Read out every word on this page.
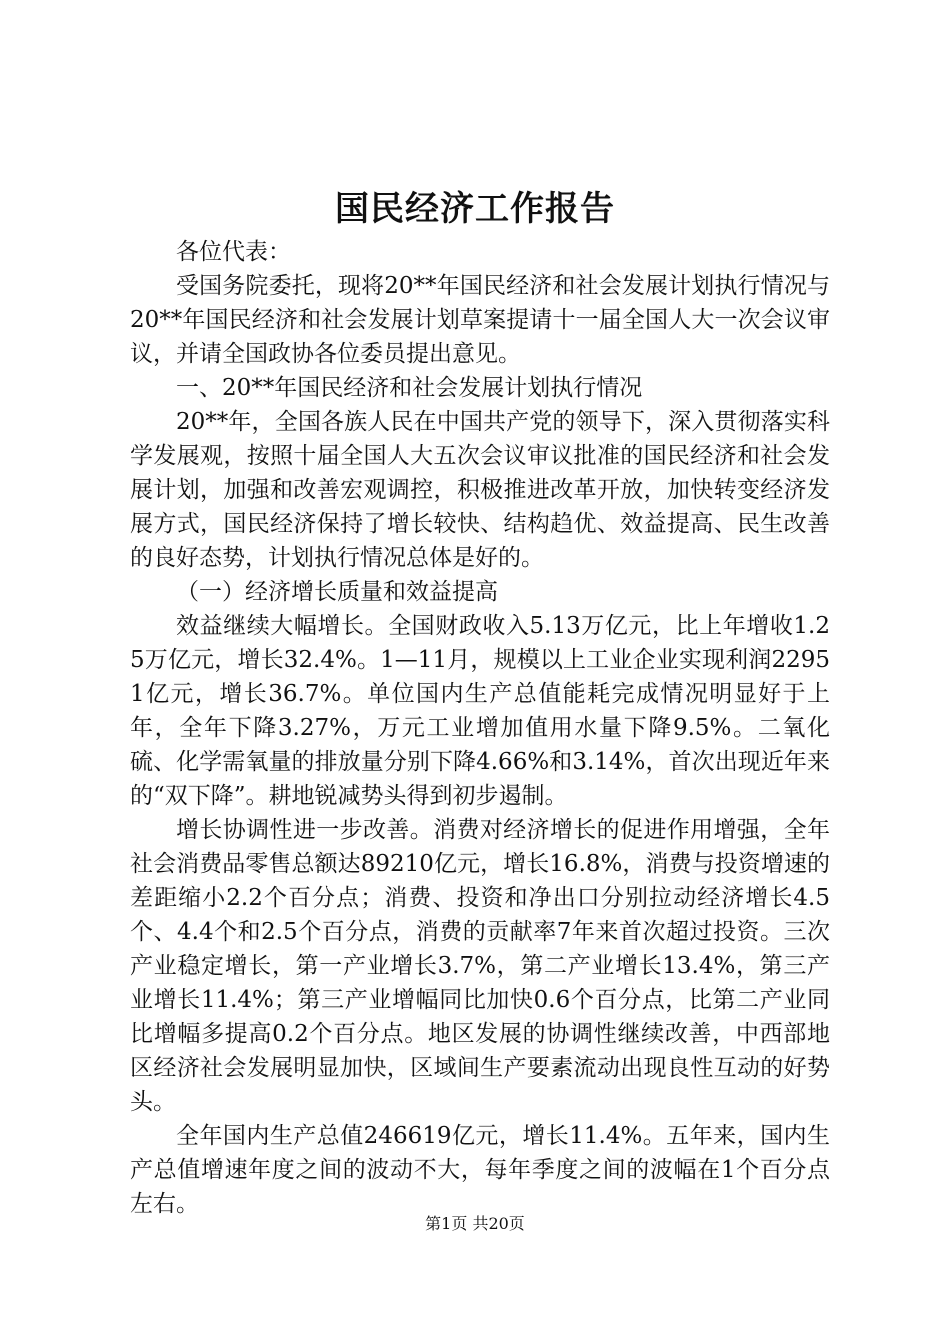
国民经济工作报告

各位代表：

受国务院委托，现将20**年国民经济和社会发展计划执行情况与20**年国民经济和社会发展计划草案提请十一届全国人大一次会议审议，并请全国政协各位委员提出意见。

一、20**年国民经济和社会发展计划执行情况

20**年，全国各族人民在中国共产党的领导下，深入贯彻落实科学发展观，按照十届全国人大五次会议审议批准的国民经济和社会发展计划，加强和改善宏观调控，积极推进改革开放，加快转变经济发展方式，国民经济保持了增长较快、结构趋优、效益提高、民生改善的良好态势，计划执行情况总体是好的。

（一）经济增长质量和效益提高

效益继续大幅增长。全国财政收入5.13万亿元，比上年增收1.25万亿元，增长32.4%。1—11月，规模以上工业企业实现利润22951亿元，增长36.7%。单位国内生产总值能耗完成情况明显好于上年，全年下降3.27%，万元工业增加值用水量下降9.5%。二氧化硫、化学需氧量的排放量分别下降4.66%和3.14%，首次出现近年来的“双下降”。耕地锐减势头得到初步遏制。

增长协调性进一步改善。消费对经济增长的促进作用增强，全年社会消费品零售总额达89210亿元，增长16.8%，消费与投资增速的差距缩小2.2个百分点；消费、投资和净出口分别拉动经济增长4.5个、4.4个和2.5个百分点，消费的贡献率7年来首次超过投资。三次产业稳定增长，第一产业增长3.7%，第二产业增长13.4%，第三产业增长11.4%；第三产业增幅同比加快0.6个百分点，比第二产业同比增幅多提高0.2个百分点。地区发展的协调性继续改善，中西部地区经济社会发展明显加快，区域间生产要素流动出现良性互动的好势头。

全年国内生产总值246619亿元，增长11.4%。五年来，国内生产总值增速年度之间的波动不大，每年季度之间的波幅在1个百分点左右。

第1页 共20页
